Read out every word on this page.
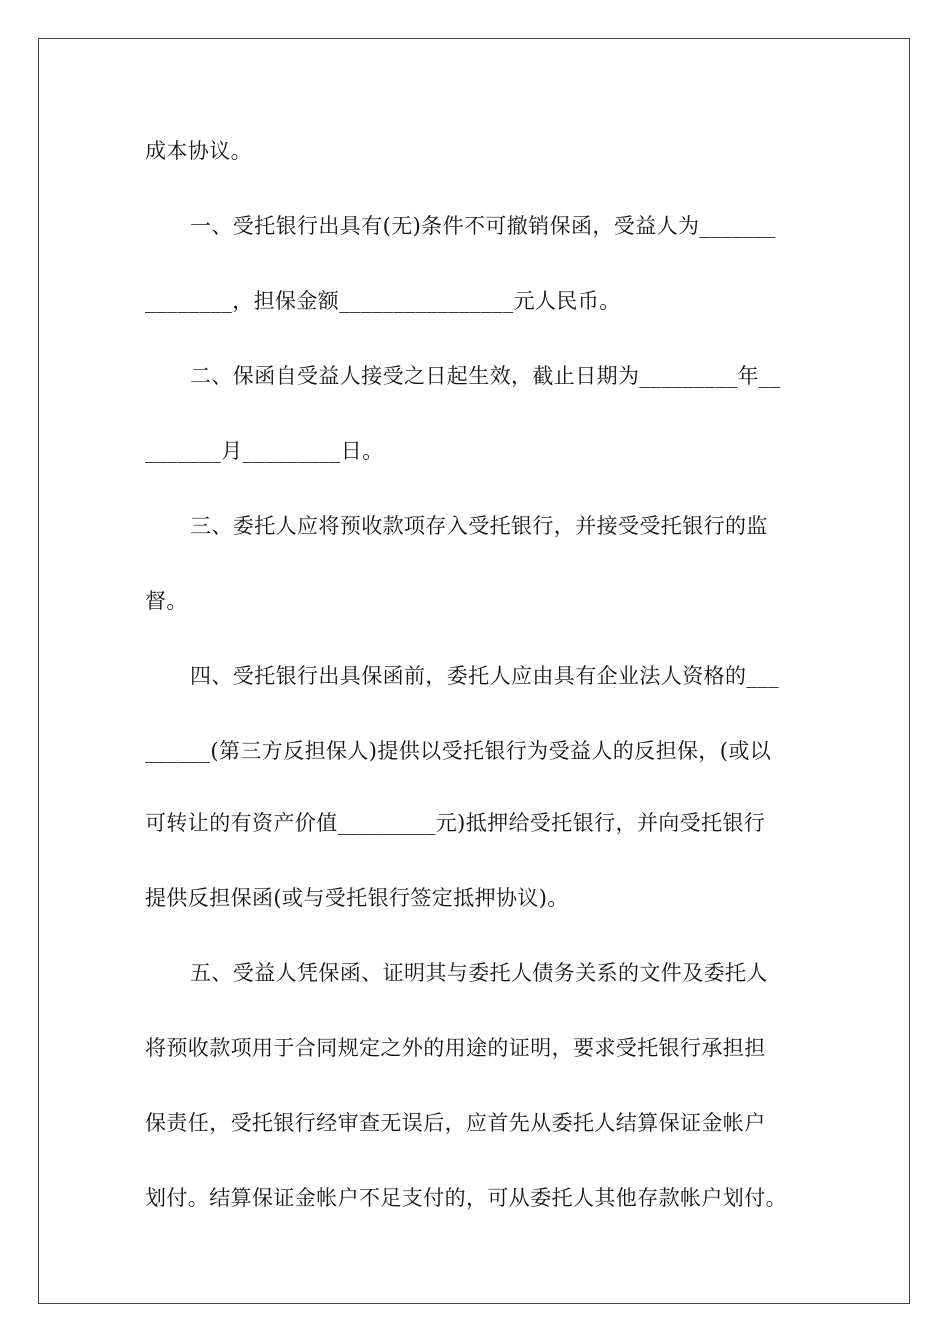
成本协议。
一、受托银行出具有(无)条件不可撤销保函，受益人为_______
________，担保金额________________元人民币。
二、保函自受益人接受之日起生效，截止日期为_________年__
_______月_________日。
三、委托人应将预收款项存入受托银行，并接受受托银行的监
督。
四、受托银行出具保函前，委托人应由具有企业法人资格的___
______(第三方反担保人)提供以受托银行为受益人的反担保，(或以
可转让的有资产价值_________元)抵押给受托银行，并向受托银行
提供反担保函(或与受托银行签定抵押协议)。
五、受益人凭保函、证明其与委托人债务关系的文件及委托人
将预收款项用于合同规定之外的用途的证明，要求受托银行承担担
保责任，受托银行经审查无误后，应首先从委托人结算保证金帐户
划付。结算保证金帐户不足支付的，可从委托人其他存款帐户划付。
